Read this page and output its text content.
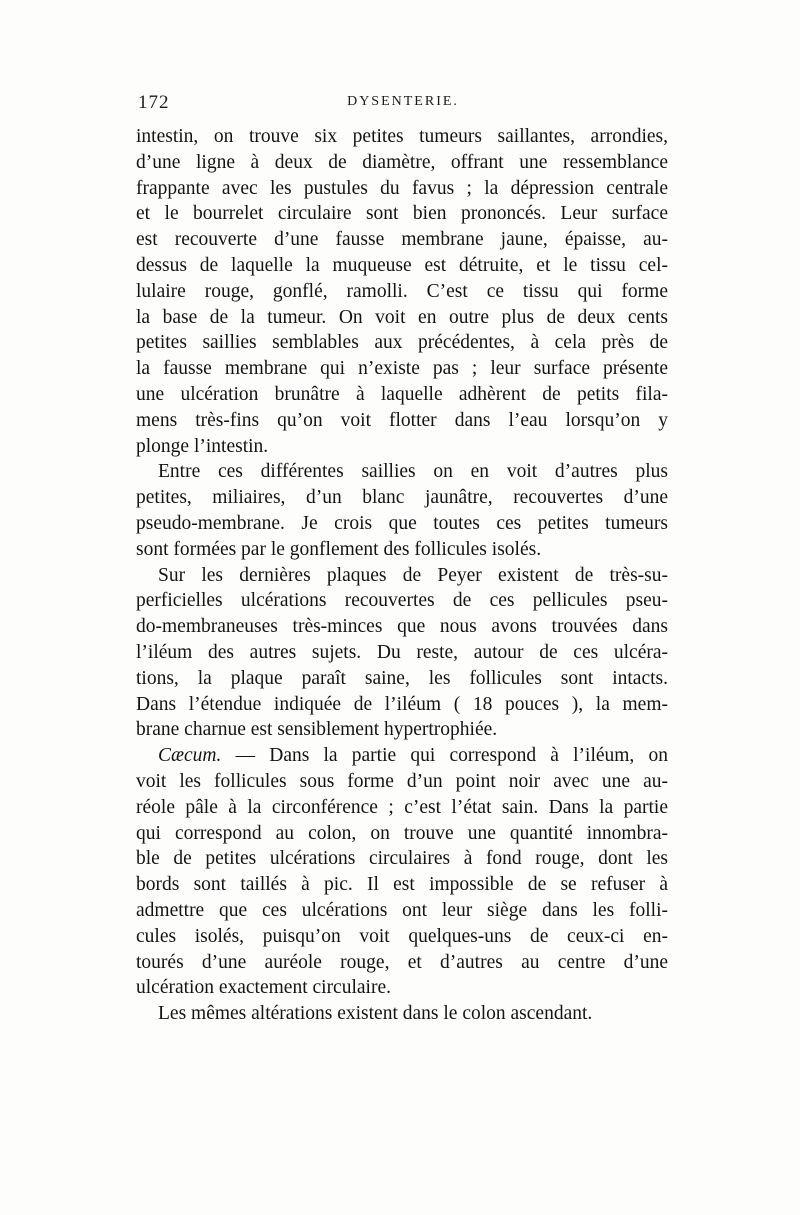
172	DYSENTERIE.
intestin, on trouve six petites tumeurs saillantes, arrondies,
d’une ligne à deux de diamètre, offrant une ressemblance
frappante avec les pustules du favus ; la dépression centrale
et le bourrelet circulaire sont bien prononcés. Leur surface
est recouverte d’une fausse membrane jaune, épaisse, au-
dessus de laquelle la muqueuse est détruite, et le tissu cel-
lulaire rouge, gonflé, ramolli. C’est ce tissu qui forme
la base de la tumeur. On voit en outre plus de deux cents
petites saillies semblables aux précédentes, à cela près de
la fausse membrane qui n’existe pas ; leur surface présente
une ulcération brunâtre à laquelle adhèrent de petits fila-
mens très-fins qu’on voit flotter dans l’eau lorsqu’on y
plonge l’intestin.
Entre ces différentes saillies on en voit d’autres plus
petites, miliaires, d’un blanc jaunâtre, recouvertes d’une
pseudo-membrane. Je crois que toutes ces petites tumeurs
sont formées par le gonflement des follicules isolés.
Sur les dernières plaques de Peyer existent de très-su-
perficielles ulcérations recouvertes de ces pellicules pseu-
do-membraneuses très-minces que nous avons trouvées dans
l’iléum des autres sujets. Du reste, autour de ces ulcéra-
tions, la plaque paraît saine, les follicules sont intacts.
Dans l’étendue indiquée de l’iléum ( 18 pouces ), la mem-
brane charnue est sensiblement hypertrophiée.
Cæcum. — Dans la partie qui correspond à l’iléum, on
voit les follicules sous forme d’un point noir avec une au-
réole pâle à la circonférence ; c’est l’état sain. Dans la partie
qui correspond au colon, on trouve une quantité innombra-
ble de petites ulcérations circulaires à fond rouge, dont les
bords sont taillés à pic. Il est impossible de se refuser à
admettre que ces ulcérations ont leur siège dans les folli-
cules isolés, puisqu’on voit quelques-uns de ceux-ci en-
tourés d’une auréole rouge, et d’autres au centre d’une
ulcération exactement circulaire.
Les mêmes altérations existent dans le colon ascendant.
